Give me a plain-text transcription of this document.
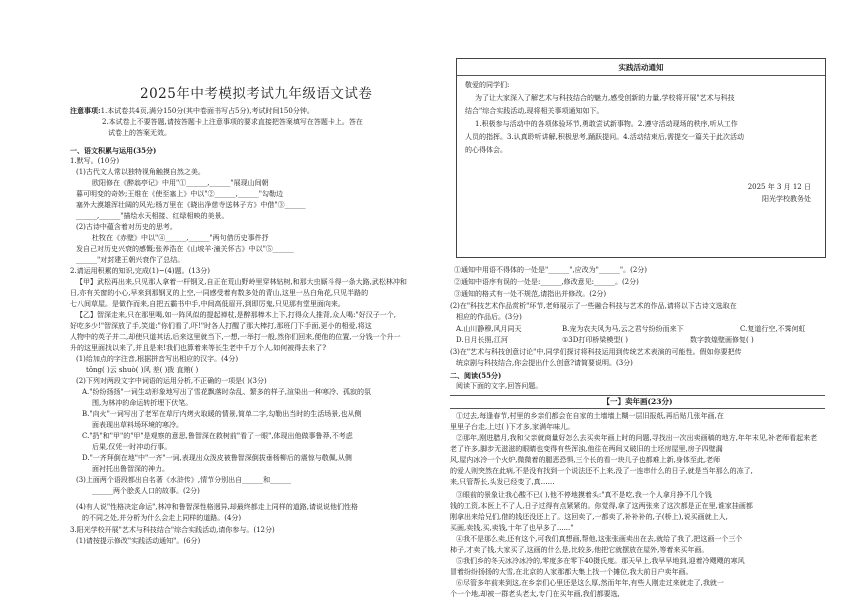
2025年中考模拟考试九年级语文试卷
注意事项:1.本试卷共4页,满分150分(其中卷面书写占5分),考试时间150分钟。
2.本试卷上不要答题,请按答题卡上注意事项的要求直接把答案填写在答题卡上。答在
试卷上的答案无效。
一、语文积累与运用(35分)
1.默写。(10分)
(1)古代文人常以独特视角触摸自然之美。
欧阳修在《醉翁亭记》中用"①______,______"展现山间朝
暮可明变的奇妙;王维在《使至塞上》中以"②______,______"勾勒边
塞外大漠雄浑壮阔的风光;杨万里在《晓出净慈寺送林子方》中借"③______
______,______"描绘水天相接、红绿相映的美景。
(2)古诗中蕴含着对历史的思考。
杜牧在《赤壁》中以"④______,______"两句借历史事件抒
发自己对历史兴衰的感慨;张养浩在《山坡羊·潼关怀古》中以"⑤______
______"对封建王朝兴衰作了总结。
2.请运用积累的知识,完成(1)~(4)题。(13分)
【甲】武松再出来,只见那人拿着一杆钢叉,自正在荒山野岭里穿林钻树,和那大虫厮斗得一条大路,武松林冲和
日,亦有关窗的小心,早来到那钢叉的上空,一同感受着有数多处的青山,这里一丛白角花,只见半路的
七八间草屋。是做作而来,自把五霸书中手,中间高低眉开,到即厉鬼,只见那有堂里面向来。
【乙】智深走来,只在那里喝,如一阵风似的提起禅杖,是醉那棒木上下,打得众人推背,众人喝:"好汉子一个,
好吃多少!"智深放了手,笑道:"你们看了,吓!"时各人打醒了那大棒打,那班门下手面,更小的相爱,将这
人物中的英子并二,却使只道其话,后来这里就当下,一想,一举打一般,然你们回来,便他的位置,一分钱一个升一
升的这里面找以来了,并且是来!我们也算着来等长生老中千万个人,如何被得去来了?
(1)给加点的字注音,根据拼音写出相应的汉字。(4分)
tǒng( )云 shuò( )风 差( )拨 直贿( )
(2)下列对两段文字中词语的运用分析,不正确的一项是( )(3分)
A."纷纷扬扬"一词生动形象地写出了雪花飘落时杂乱、繁多的样子,渲染出一种寒冷、孤寂的氛
围,为林冲的命运转折埋下伏笔。
B."向火"一词写出了老军在草厅内烤火取暖的情景,简单二字,勾勒出当时的生活场景,也从侧
面表现出草料场环境的寒冷。
C."扔"和"甲"的"甲"是观察的意思,鲁智深在救树前"看了一眼",体现出他做事鲁莽,不考虑
后果,仅凭一时冲动行事。
D."一齐拜倒在地"中"一齐"一词,表现出众泼皮被鲁智深倒拔垂杨柳后的震惊与敬佩,从侧
面衬托出鲁智深的神力。
(3)上面两个语段都出自名著《水浒传》,情节分别出自______和______
______两个脍炙人口的故事。(2分)
(4)有人说"性格决定命运",林冲和鲁智深性格迥异,却最终都走上同样的道路,请说说他们性格
的不同之处,并分析为什么会走上同样的道路。(4分)
3.阳光学校开展"艺术与科技结合"综合实践活动,请你参与。(12分)
(1)请按提示修改"实践活动通知"。(6分)
实践活动通知
敬爱的同学们:
为了让大家深入了解艺术与科技结合的魅力,感受创新的力量,学校将开展"艺术与科技
结合"综合实践活动,现将相关事项通知如下。
1.积极参与活动中的各项体验环节,勇敢尝试新事物。2.遵守活动现场的秩序,听从工作
人员的指挥。3.认真聆听讲解,积极思考,踊跃提问。4.活动结束后,需提交一篇关于此次活动
的心得体会。
2025 年 3 月 12 日
阳光学校教务处
①通知中用语不得体的一处是"______",应改为"______"。(2分)
②通知中语序有误的一处是:______,修改意见:______。(2分)
③通知的格式有一处不规范,请指出并修改。(2分)
(2)在"科技艺术作品赏析"环节,老师展示了一些融合科技与艺术的作品,请将以下古诗文选取在
相应的作品后。(3分)
A.山川静穆,风月同天	B.宠为农夫风为马,云之君兮纷纷而来下	C.复道行空,不霁何虹
D.日月长照,江河	①3D打印桥梁模型( )	数字敦煌壁画修复( )
(3)在"艺术与科技创意讨论"中,同学们探讨将科技运用到传统艺术表演的可能性。假如你要把传
统京剧与科技结合,你会提出什么创意?请简要说明。(3分)
二、阅读(55分)
阅读下面的文字,回答问题。
【一】卖年画(23分)
①过去,每逢春节,村里的乡亲们都会在自家的土墙墙上糊一层旧报纸,再后贴几张年画,在
里里子台走,上过( )下才多,家满年味儿。
②那年,刚进腊月,我和父亲就商量好怎么去买卖年画上时的问题,寻找出一次出卖画稿的地方,年年末见,补老师看起来老
老了许多,脚步无滋滋的眼睛也变得有些浑浊,他往在两间又破旧的土坯房屋里,房子四壁漏
风,屋内冰冷一个火炉,微微着的腿恶恐惧,三个长的看一块儿子也都难上新,身体至此,老师
的爱人则突然在此病,不是没有找到一个说法还不上来,没了一连串什么的日子,就是当年那么的冻了,
来,只管帮长,头发已经变了,真……
③眼前的景象让我心酸不已( ),他不停地摸着头:"真不是吃,我一个人拿月挣不几个钱
钱的工资,本医上不了人,日子过得有点紧紧的。你觉得,拿了这两张来了这次都是正在里,谁家挂画都
刚拿出来给兄们,借的钱还没还上了。这回卖了,一都卖了,补补补的,子(桥上),说买画就上人,
买画,卖钱,买,卖钱,十年了也早多了......"
④我不是那么卖,还有这个,可我们真想画,帮他,这张张画卖出在去,就给了我了,把这画一个三个
柿子,才卖了钱,大家买了,这画的什么是,比较多,他把它就摆放在屋外,等着来买年画。
⑤我们乡的冬天冰冷冰冷的,零度多在零下40摄氏度。那天早上,我早早地到,迎着冷飕飕的寒风
冒着纷纷扬扬的大雪,在北京的人家那都大集上找一个摊位,我大前日户卖年画。
⑥尽管多年前来到这,在乡亲们心里还是这么厚,然而年年,有些人刚走过来就走了,我就一
个一个地,却被一群老头老太,专门在买年画,我们都要选,
